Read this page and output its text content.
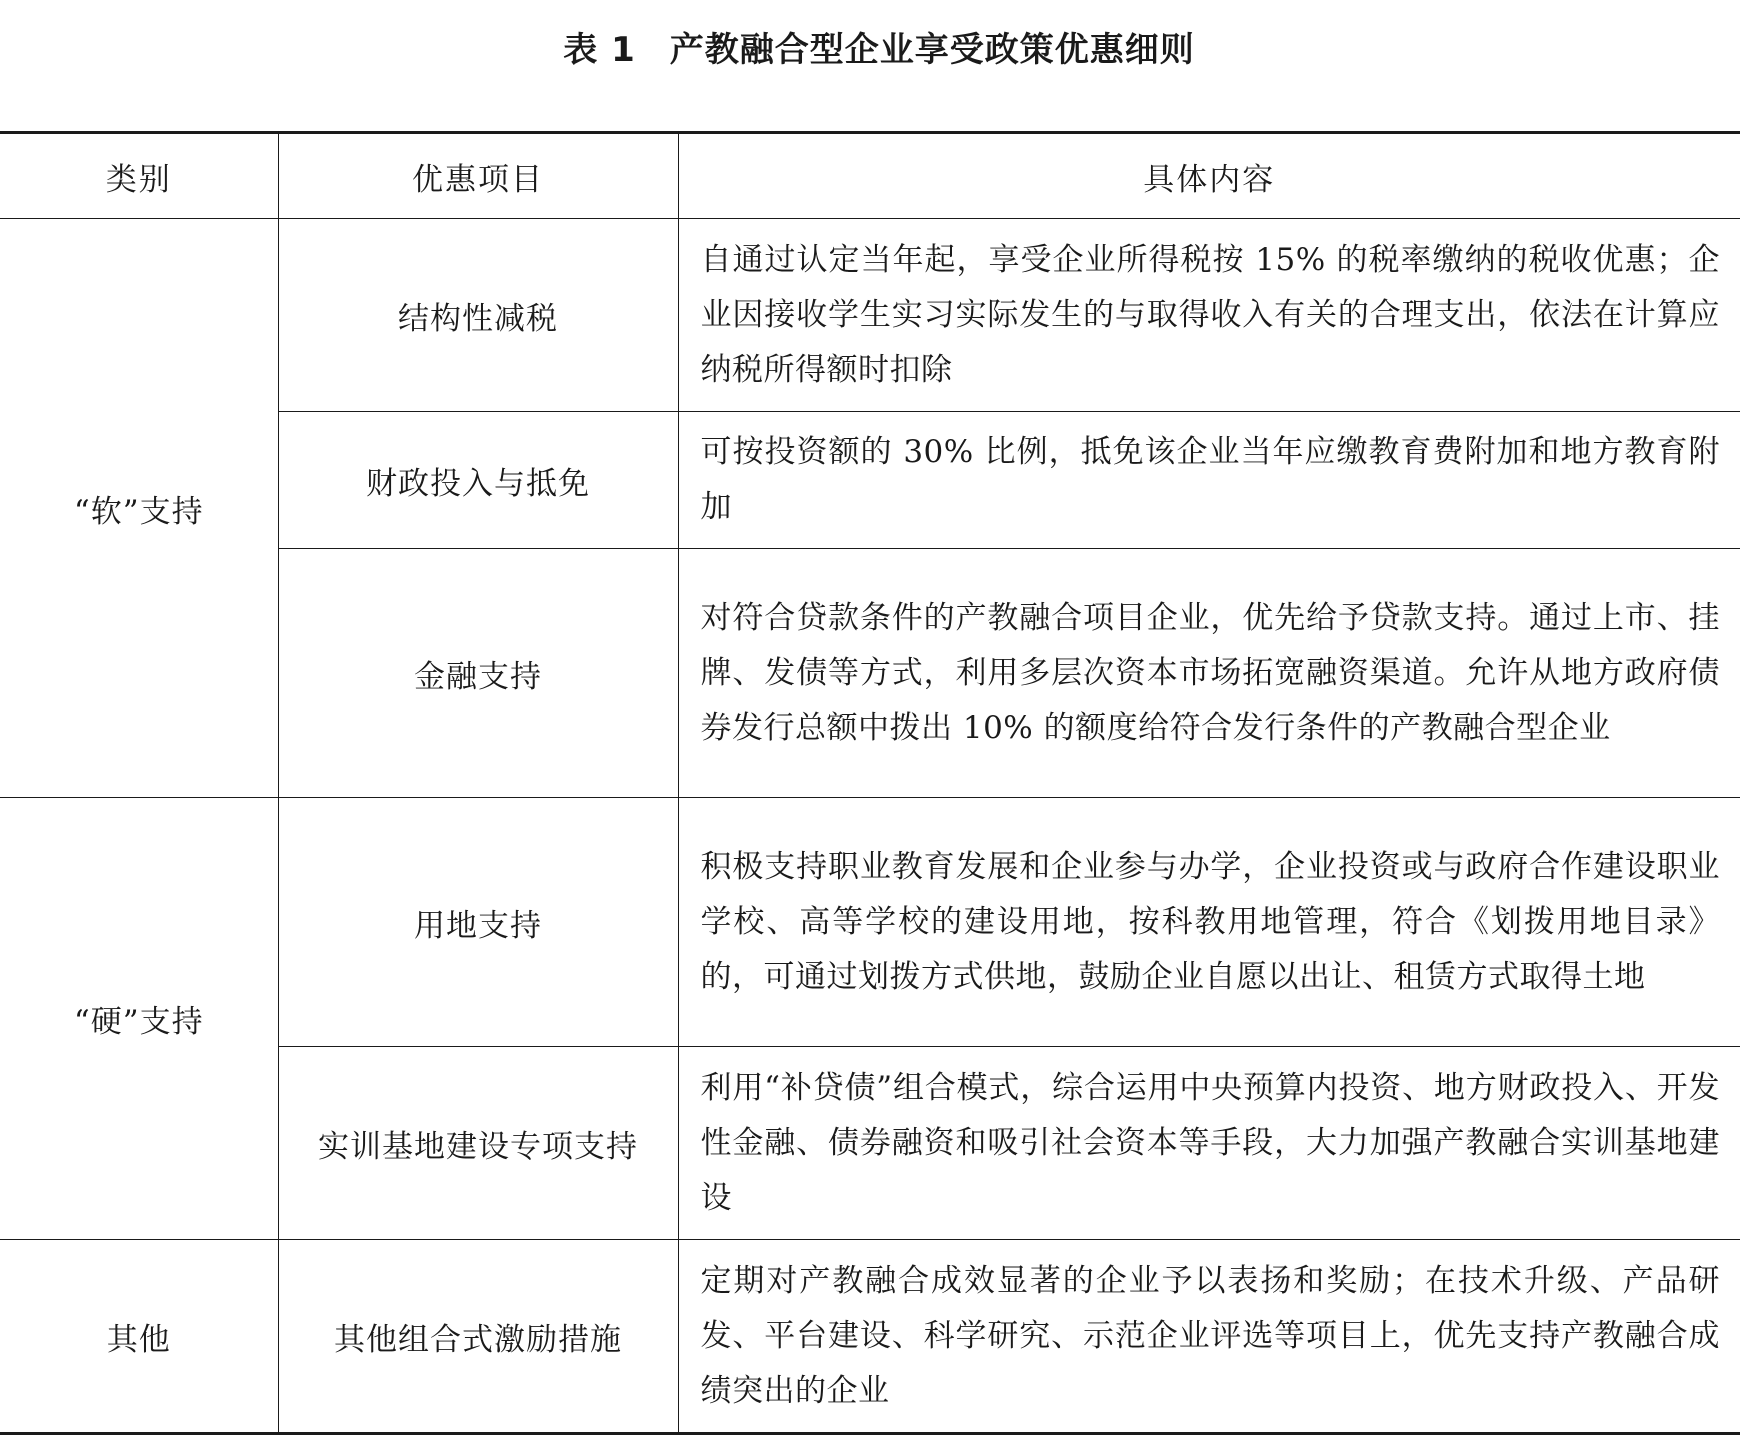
表 1 产教融合型企业享受政策优惠细则
类别	优惠项目	具体内容
“软”支持	结构性减税	自通过认定当年起，享受企业所得税按 15% 的税率缴纳的税收优惠；企业因接收学生实习实际发生的与取得收入有关的合理支出，依法在计算应纳税所得额时扣除
	财政投入与抵免	可按投资额的 30% 比例，抵免该企业当年应缴教育费附加和地方教育附加
	金融支持	对符合贷款条件的产教融合项目企业，优先给予贷款支持。通过上市、挂牌、发债等方式，利用多层次资本市场拓宽融资渠道。允许从地方政府债券发行总额中拨出 10% 的额度给符合发行条件的产教融合型企业
“硬”支持	用地支持	积极支持职业教育发展和企业参与办学，企业投资或与政府合作建设职业学校、高等学校的建设用地，按科教用地管理，符合《划拨用地目录》的，可通过划拨方式供地，鼓励企业自愿以出让、租赁方式取得土地
	实训基地建设专项支持	利用“补贷债”组合模式，综合运用中央预算内投资、地方财政投入、开发性金融、债券融资和吸引社会资本等手段，大力加强产教融合实训基地建设
其他	其他组合式激励措施	定期对产教融合成效显著的企业予以表扬和奖励；在技术升级、产品研发、平台建设、科学研究、示范企业评选等项目上，优先支持产教融合成绩突出的企业
